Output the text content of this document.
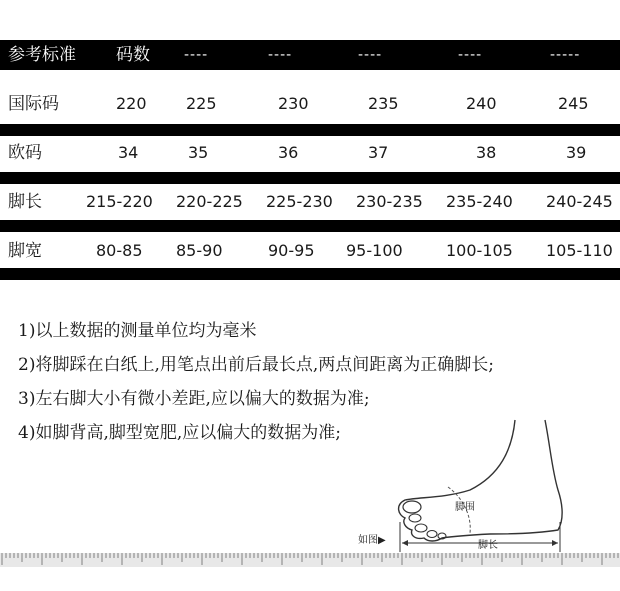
参考标准 码数 ----	----	----	----	-----
国际码	220 225	230	235	240	245
欧码	34	35	36	37	38	39
脚长	215-220 220-225 225-230 230-235 235-240 240-245
脚宽	80-85 85-90	90-95 95-100	100-105 105-110
1)以上数据的测量单位均为毫米
2)将脚踩在白纸上,用笔点出前后最长点,两点间距离为正确脚长;
3)左右脚大小有微小差距,应以偏大的数据为准;
4)如脚背高,脚型宽肥,应以偏大的数据为准;
脚围
脚长
如图▶
